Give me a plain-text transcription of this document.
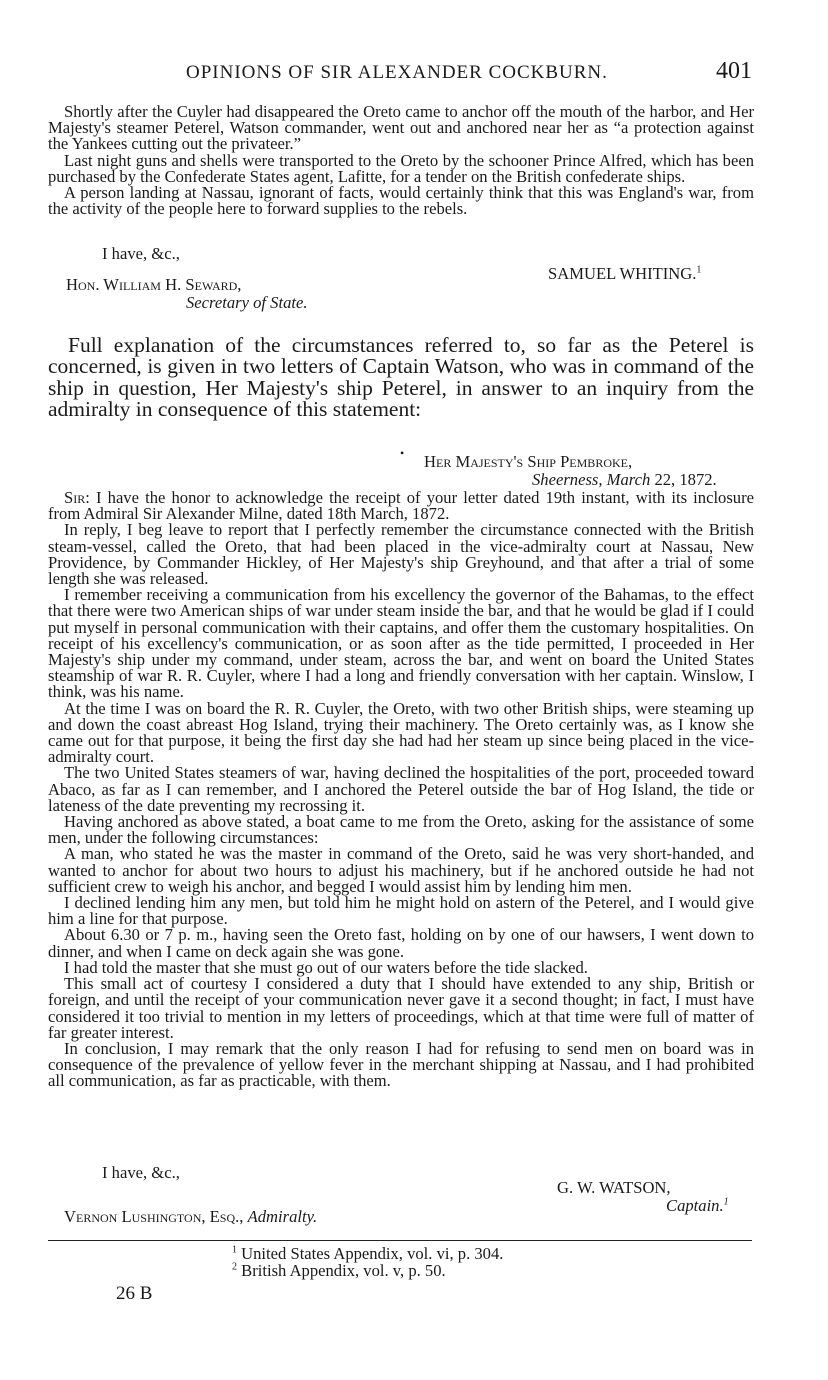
OPINIONS OF SIR ALEXANDER COCKBURN.	401

Shortly after the Cuyler had disappeared the Oreto came to anchor off the mouth of the harbor, and Her Majesty's steamer Peterel, Watson commander, went out and anchored near her as “a protection against the Yankees cutting out the privateer.”

Last night guns and shells were transported to the Oreto by the schooner Prince Alfred, which has been purchased by the Confederate States agent, Lafitte, for a tender on the British confederate ships.

A person landing at Nassau, ignorant of facts, would certainly think that this was England's war, from the activity of the people here to forward supplies to the rebels.

I have, &c.,
SAMUEL WHITING.$^1$
Hon. William H. Seward,
Secretary of State.

Full explanation of the circumstances referred to, so far as the Peterel is concerned, is given in two letters of Captain Watson, who was in command of the ship in question, Her Majesty's ship Peterel, in answer to an inquiry from the admiralty in consequence of this statement:

• Her Majesty's Ship Pembroke,
Sheerness, March 22, 1872.

Sir: I have the honor to acknowledge the receipt of your letter dated 19th instant, with its inclosure from Admiral Sir Alexander Milne, dated 18th March, 1872.

In reply, I beg leave to report that I perfectly remember the circumstance connected with the British steam-vessel, called the Oreto, that had been placed in the vice-admiralty court at Nassau, New Providence, by Commander Hickley, of Her Majesty's ship Greyhound, and that after a trial of some length she was released.

I remember receiving a communication from his excellency the governor of the Bahamas, to the effect that there were two American ships of war under steam inside the bar, and that he would be glad if I could put myself in personal communication with their captains, and offer them the customary hospitalities. On receipt of his excellency's communication, or as soon after as the tide permitted, I proceeded in Her Majesty's ship under my command, under steam, across the bar, and went on board the United States steamship of war R. R. Cuyler, where I had a long and friendly conversation with her captain. Winslow, I think, was his name.

At the time I was on board the R. R. Cuyler, the Oreto, with two other British ships, were steaming up and down the coast abreast Hog Island, trying their machinery. The Oreto certainly was, as I know she came out for that purpose, it being the first day she had had her steam up since being placed in the vice-admiralty court.

The two United States steamers of war, having declined the hospitalities of the port, proceeded toward Abaco, as far as I can remember, and I anchored the Peterel outside the bar of Hog Island, the tide or lateness of the date preventing my recrossing it.

Having anchored as above stated, a boat came to me from the Oreto, asking for the assistance of some men, under the following circumstances:

A man, who stated he was the master in command of the Oreto, said he was very short-handed, and wanted to anchor for about two hours to adjust his machinery, but if he anchored outside he had not sufficient crew to weigh his anchor, and begged I would assist him by lending him men.

I declined lending him any men, but told him he might hold on astern of the Peterel, and I would give him a line for that purpose.

About 6.30 or 7 p. m., having seen the Oreto fast, holding on by one of our hawsers, I went down to dinner, and when I came on deck again she was gone.

I had told the master that she must go out of our waters before the tide slacked.

This small act of courtesy I considered a duty that I should have extended to any ship, British or foreign, and until the receipt of your communication never gave it a second thought; in fact, I must have considered it too trivial to mention in my letters of proceedings, which at that time were full of matter of far greater interest.

In conclusion, I may remark that the only reason I had for refusing to send men on board was in consequence of the prevalence of yellow fever in the merchant shipping at Nassau, and I had prohibited all communication, as far as practicable, with them.

I have, &c.,
G. W. WATSON,
Captain.$^1$
Vernon Lushington, Esq., Admiralty.
$^1$ United States Appendix, vol. vi, p. 304.
$^2$ British Appendix, vol. v, p. 50.
26 B
